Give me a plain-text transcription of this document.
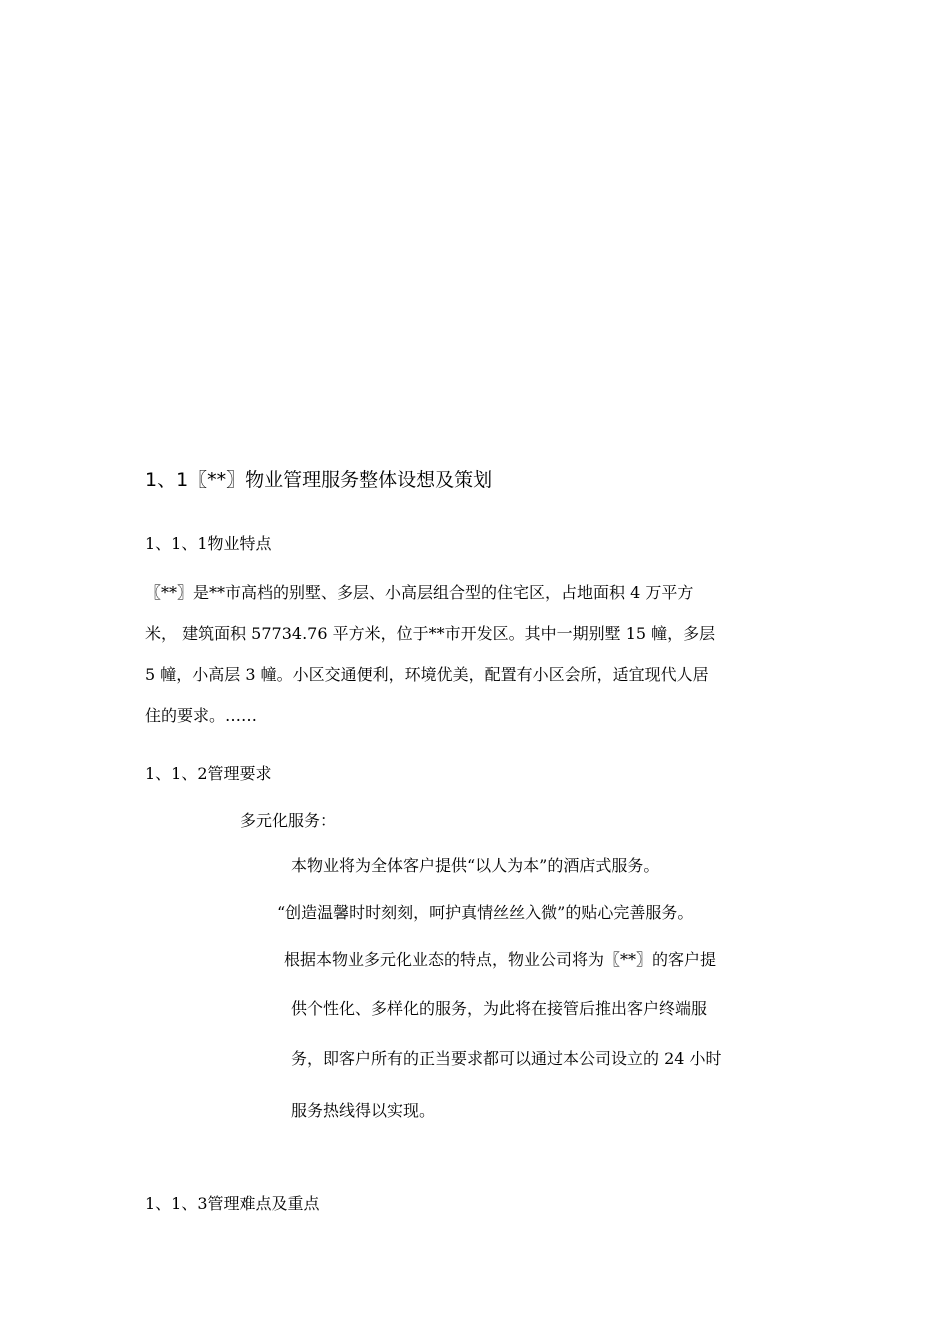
1、1〖**〗物业管理服务整体设想及策划
1、1、1物业特点
〖**〗是**市高档的别墅、多层、小高层组合型的住宅区，占地面积 4 万平方
米， 建筑面积 57734.76 平方米，位于**市开发区。其中一期别墅 15 幢，多层
5 幢，小高层 3 幢。小区交通便利，环境优美，配置有小区会所，适宜现代人居
住的要求。……
1、1、2管理要求
多元化服务：
本物业将为全体客户提供“以人为本”的酒店式服务。
“创造温馨时时刻刻，呵护真情丝丝入微”的贴心完善服务。
根据本物业多元化业态的特点，物业公司将为〖**〗的客户提
供个性化、多样化的服务，为此将在接管后推出客户终端服
务，即客户所有的正当要求都可以通过本公司设立的 24 小时
服务热线得以实现。
1、1、3管理难点及重点
